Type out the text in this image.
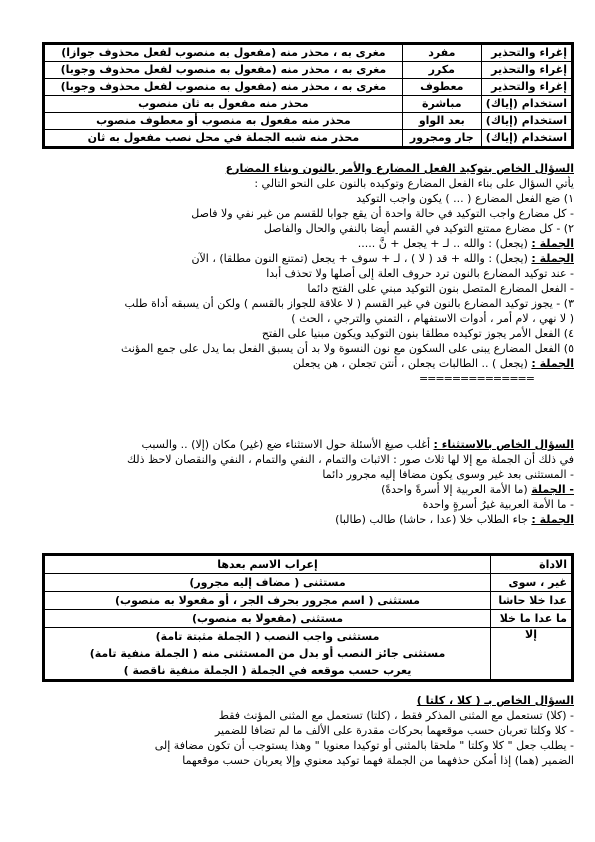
إغراء والتحذير	مفرد	مغرى به ، محذر منه (مفعول به منصوب لفعل محذوف جوازا)
إغراء والتحذير	مكرر	مغرى به ، محذر منه (مفعول به منصوب لفعل محذوف وجوبا)
إغراء والتحذير	معطوف	مغرى به ، محذر منه (مفعول به منصوب لفعل محذوف وجوبا)
استخدام (إياك)	مباشرة	محذر منه مفعول به ثان منصوب
استخدام (إياك)	بعد الواو	محذر منه مفعول به منصوب أو معطوف منصوب
استخدام (إياك)	جار ومجرور	محذر منه شبه الجملة في محل نصب مفعول به ثان
السؤال الخاص بتوكيد الفعل المضارع والأمر بالنون وبناء المضارع
يأتي السؤال على بناء الفعل المضارع وتوكيده بالنون على النحو التالي :
١) ضع الفعل المضارع ( ... ) يكون واجب التوكيد
- كل مضارع واجب التوكيد في حالة واحدة أن يقع جوابا للقسم من غير نفي ولا فاصل
٢) - كل مضارع ممتنع التوكيد في القسم أيضا بالنفي والحال والفاصل
الجملة : (يجعل) : والله .. لـ + يجعل + نَّ .....
الجملة : (يجعل) : والله + قد ( لا ) ، لـ + سوف + يجعل (تمتنع النون مطلقا) ، الآن
- عند توكيد المضارع بالنون ترد حروف العلة إلى أصلها ولا تحذف أبدا
- الفعل المضارع المتصل بنون التوكيد مبني على الفتح دائما
٣) - يجوز توكيد المضارع بالنون في غير القسم ( لا علاقة للجواز بالقسم ) ولكن أن يسبقه أداة طلب
( لا نهي ، لام أمر ، أدوات الاستفهام ، التمني والترجي ، الحث )
٤) الفعل الأمر يجوز توكيده مطلقا بنون التوكيد ويكون مبنيا على الفتح
٥) الفعل المضارع يبنى على السكون مع نون النسوة ولا بد أن يسبق الفعل بما يدل على جمع المؤنث
الجملة : (يجعل ) .. الطالبات يجعلن ، أنتن تجعلن ، هن يجعلن
==============
السؤال الخاص بالاستثناء : أغلب صيغ الأسئلة حول الاستثناء ضع (غير) مكان (إلا) .. والسبب
في ذلك أن الجملة مع إلا لها ثلاث صور : الاثبات والتمام ، النفي والتمام ، النفي والنقصان لاحظ ذلك
- المستثنى بعد غير وسوى يكون مضافا إليه مجرور دائما
- الجملة (ما الأمة العربية إلا أسرةً واحدةً)
- ما الأمة العربية غيرُ أسرةٍ واحدة
الجملة : جاء الطلاب خلا (عدا ، حاشا) طالب (طالبا)
الاداة	إعراب الاسم بعدها
غير ، سوى	مستثنى ( مضاف إليه مجرور)
عدا خلا حاشا	مستثنى ( اسم مجرور بحرف الجر ، أو مفعولا به منصوب)
ما عدا ما خلا	مستثنى (مفعولا به منصوب)
إلا	مستثنى واجب النصب ( الجملة مثبتة تامة)
مستثنى جائز النصب أو بدل من المستثنى منه ( الجملة منفية تامة)
يعرب حسب موقعه في الجملة ( الجملة منفية ناقصة )
السؤال الخاص بـ ( كلا ، كلتا )
- (كلا) تستعمل مع المثنى المذكر فقط ، (كلتا) تستعمل مع المثنى المؤنث فقط
- كلا وكلتا تعربان حسب موقعهما بحركات مقدرة على الألف ما لم تضافا للضمير
- يطلب جعل " كلا وكلتا " ملحقا بالمثنى أو توكيدا معنويا " وهذا يستوجب أن تكون مضافة إلى
الضمير (هما) إذا أمكن حذفهما من الجملة فهما توكيد معنوي وإلا يعربان حسب موقعهما
